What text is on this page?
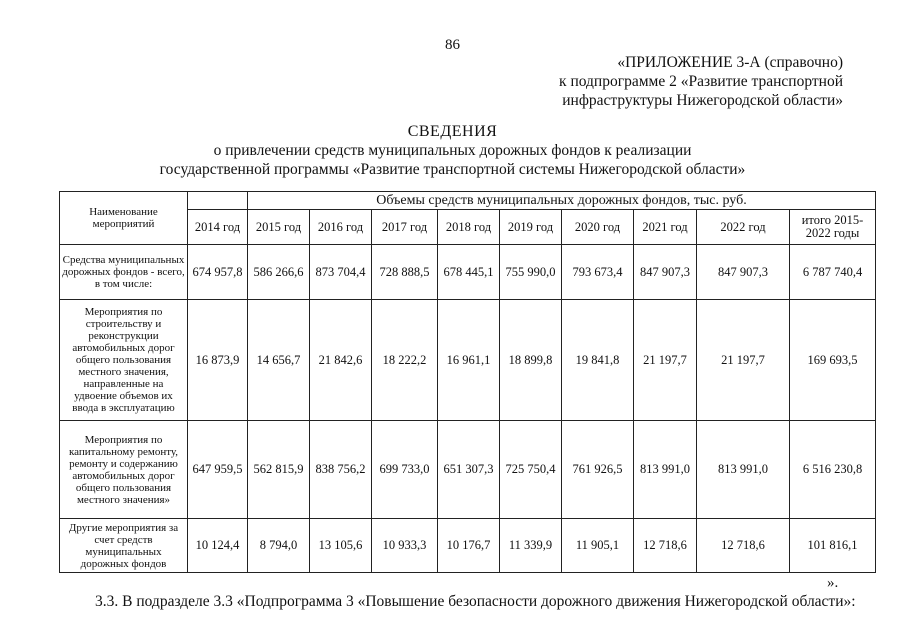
86
«ПРИЛОЖЕНИЕ 3-А (справочно)
к подпрограмме 2 «Развитие транспортной
инфраструктуры Нижегородской области»
СВЕДЕНИЯ
о привлечении средств муниципальных дорожных фондов к реализации
государственной программы «Развитие транспортной системы Нижегородской области»
Наименование мероприятий		Объемы средств муниципальных дорожных фондов, тыс. руб.								
	2014 год	2015 год	2016 год	2017 год	2018 год	2019 год	2020 год	2021 год	2022 год	итого 2015-2022 годы
Средства муниципальных дорожных фондов - всего, в том числе:	674 957,8	586 266,6	873 704,4	728 888,5	678 445,1	755 990,0	793 673,4	847 907,3	847 907,3	6 787 740,4
Мероприятия по строительству и реконструкции автомобильных дорог общего пользования местного значения, направленные на удвоение объемов их ввода в эксплуатацию	16 873,9	14 656,7	21 842,6	18 222,2	16 961,1	18 899,8	19 841,8	21 197,7	21 197,7	169 693,5
Мероприятия по капитальному ремонту, ремонту и содержанию автомобильных дорог общего пользования местного значения»	647 959,5	562 815,9	838 756,2	699 733,0	651 307,3	725 750,4	761 926,5	813 991,0	813 991,0	6 516 230,8
Другие мероприятия за счет средств муниципальных дорожных фондов	10 124,4	8 794,0	13 105,6	10 933,3	10 176,7	11 339,9	11 905,1	12 718,6	12 718,6	101 816,1
».
3.3. В подразделе 3.3 «Подпрограмма 3 «Повышение безопасности дорожного движения Нижегородской области»:
